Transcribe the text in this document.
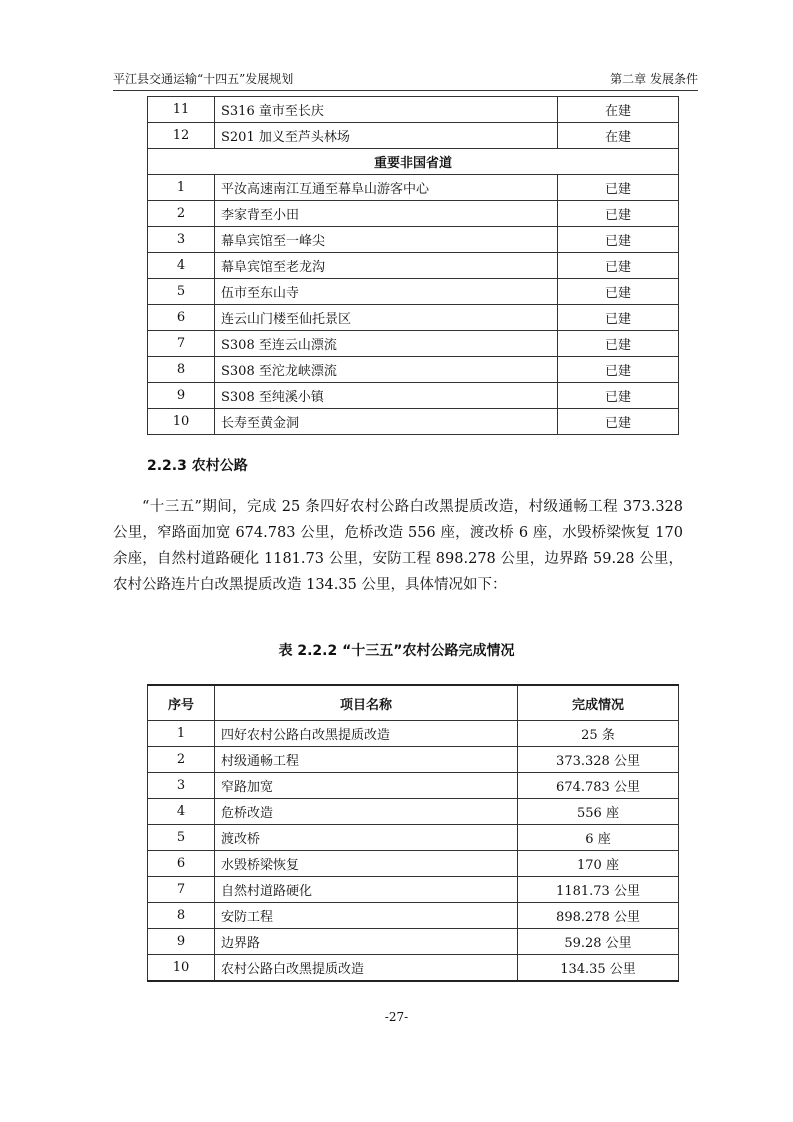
平江县交通运输“十四五”发展规划	第二章 发展条件
11	S316 童市至长庆	在建
12	S201 加义至芦头林场	在建
重要非国省道		
1	平汝高速南江互通至幕阜山游客中心	已建
2	李家背至小田	已建
3	幕阜宾馆至一峰尖	已建
4	幕阜宾馆至老龙沟	已建
5	伍市至东山寺	已建
6	连云山门楼至仙托景区	已建
7	S308 至连云山漂流	已建
8	S308 至沱龙峡漂流	已建
9	S308 至纯溪小镇	已建
10	长寿至黄金洞	已建
2.2.3 农村公路

“十三五”期间，完成 25 条四好农村公路白改黑提质改造，村级通畅工程 373.328 公里，窄路面加宽 674.783 公里，危桥改造 556 座，渡改桥 6 座，水毁桥梁恢复 170 余座，自然村道路硬化 1181.73 公里，安防工程 898.278 公里，边界路 59.28 公里，农村公路连片白改黑提质改造 134.35 公里，具体情况如下：

表 2.2.2 “十三五”农村公路完成情况
序号	项目名称	完成情况
1	四好农村公路白改黑提质改造	25 条
2	村级通畅工程	373.328 公里
3	窄路加宽	674.783 公里
4	危桥改造	556 座
5	渡改桥	6 座
6	水毁桥梁恢复	170 座
7	自然村道路硬化	1181.73 公里
8	安防工程	898.278 公里
9	边界路	59.28 公里
10	农村公路白改黑提质改造	134.35 公里
-27-
